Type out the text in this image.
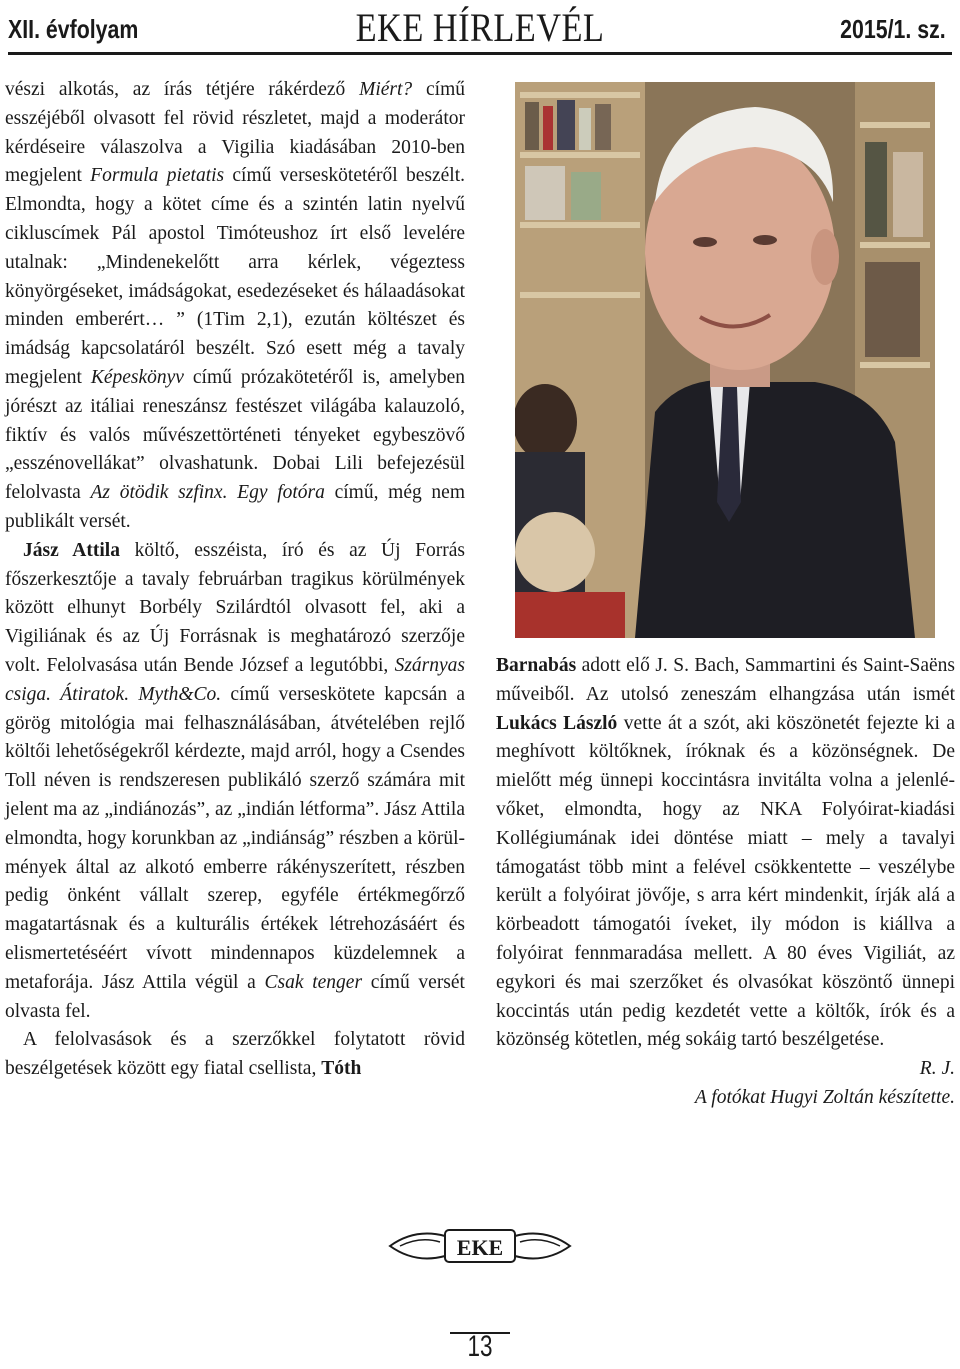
XII. évfolyam	EKE HÍRLEVÉL	2015/1. sz.

vészi alkotás, az írás tétjére rákérdező Miért? című esszéjéből olvasott fel rövid részletet, majd a moderátor kérdéseire válaszolva a Vigilia kiadásában 2010-ben megjelent Formula pietatis című verseskötetéről beszélt. Elmondta, hogy a kötet címe és a szintén latin nyelvű cikluscímek Pál apostol Timóteushoz írt első levelére utalnak: „Mindenekelőtt arra kérlek, végeztess könyörgéseket, imádságokat, esedezéseket és hálaadásokat minden emberért… ” (1Tim 2,1), ezután költészet és imádság kapcsolatáról beszélt. Szó esett még a tavaly megjelent Képeskönyv című prózakötetéről is, amelyben jórészt az itáliai reneszánsz festészet világába kalauzoló, fiktív és valós művészettörténeti tényeket egybeszövő „esszénovellákat” olvashatunk. Dobai Lili befejezésül felolvasta Az ötödik szfinx. Egy fotóra című, még nem publikált versét.

Jász Attila költő, esszéista, író és az Új Forrás főszerkesztője a tavaly februárban tragikus körülmények között elhunyt Borbély Szilárdtól olvasott fel, aki a Vigiliának és az Új Forrásnak is meghatározó szerzője volt. Felolvasása után Bende József a legutóbbi, Szárnyas csiga. Átiratok. Myth&Co. című verseskötete kapcsán a görög mitológia mai felhasználásában, átvételében rejlő költői lehetőségekről kérdezte, majd arról, hogy a Csendes Toll néven is rendszeresen publikáló szerző számára mit jelent ma az „indiánozás”, az „indián létforma”. Jász Attila elmondta, hogy korunkban az „indiánság” részben a körülmények által az alkotó emberre rákényszerített, részben pedig önként vállalt szerep, egyféle értékmegőrző magatartásnak és a kulturális értékek létrehozásáért és elismertetéséért vívott mindennapos küzdelemnek a metaforája. Jász Attila végül a Csak tenger című versét olvasta fel.

A felolvasások és a szerzőkkel folytatott rövid beszélgetések között egy fiatal csellista, Tóth

Barnabás adott elő J. S. Bach, Sammartini és Saint-Saëns műveiből. Az utolsó zeneszám elhangzása után ismét Lukács László vette át a szót, aki köszönetét fejezte ki a meghívott költőknek, íróknak és a közönségnek. De mielőtt még ünnepi koccintásra invitálta volna a jelenlévőket, elmondta, hogy az NKA Folyóirat-kiadási Kollégiumának idei döntése miatt – mely a tavalyi támogatást több mint a felével csökkentette – veszélybe került a folyóirat jövője, s arra kért mindenkit, írják alá a körbeadott támogatói íveket, ily módon is kiállva a folyóirat fennmaradása mellett. A 80 éves Vigiliát, az egykori és mai szerzőket és olvasókat köszöntő ünnepi koccintás után pedig kezdetét vette a költők, írók és a közönség kötetlen, még sokáig tartó beszélgetése.

R. J.

A fotókat Hugyi Zoltán készítette.

EKE
13
